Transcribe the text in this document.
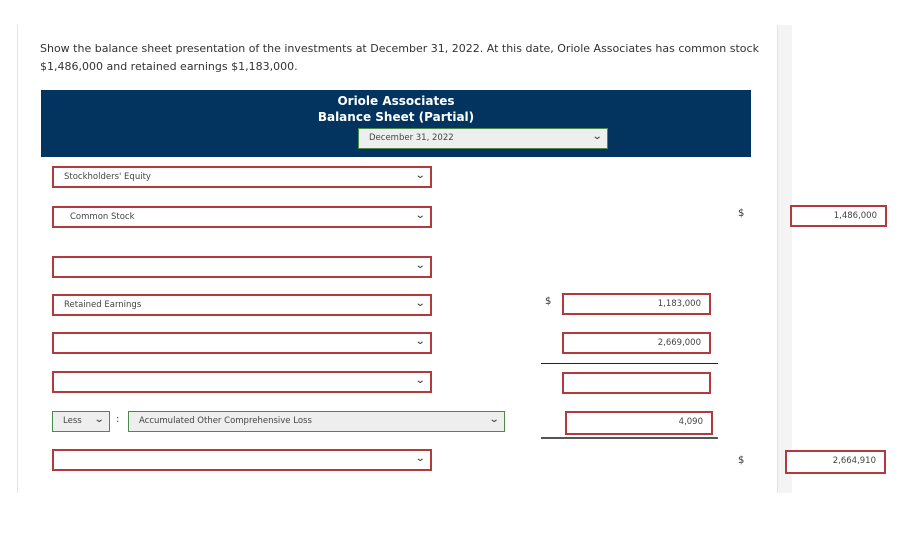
Show the balance sheet presentation of the investments at December 31, 2022. At this date, Oriole Associates has common stock
$1,486,000 and retained earnings $1,183,000.
Oriole Associates
Balance Sheet (Partial)
December 31, 2022	⌄
Stockholders' Equity	⌄
Common Stock	⌄	$	1,486,000
⌄
Retained Earnings	⌄	$	1,183,000
⌄	2,669,000
⌄
Less ⌄ : Accumulated Other Comprehensive Loss	⌄	4,090
⌄	$	2,664,910
